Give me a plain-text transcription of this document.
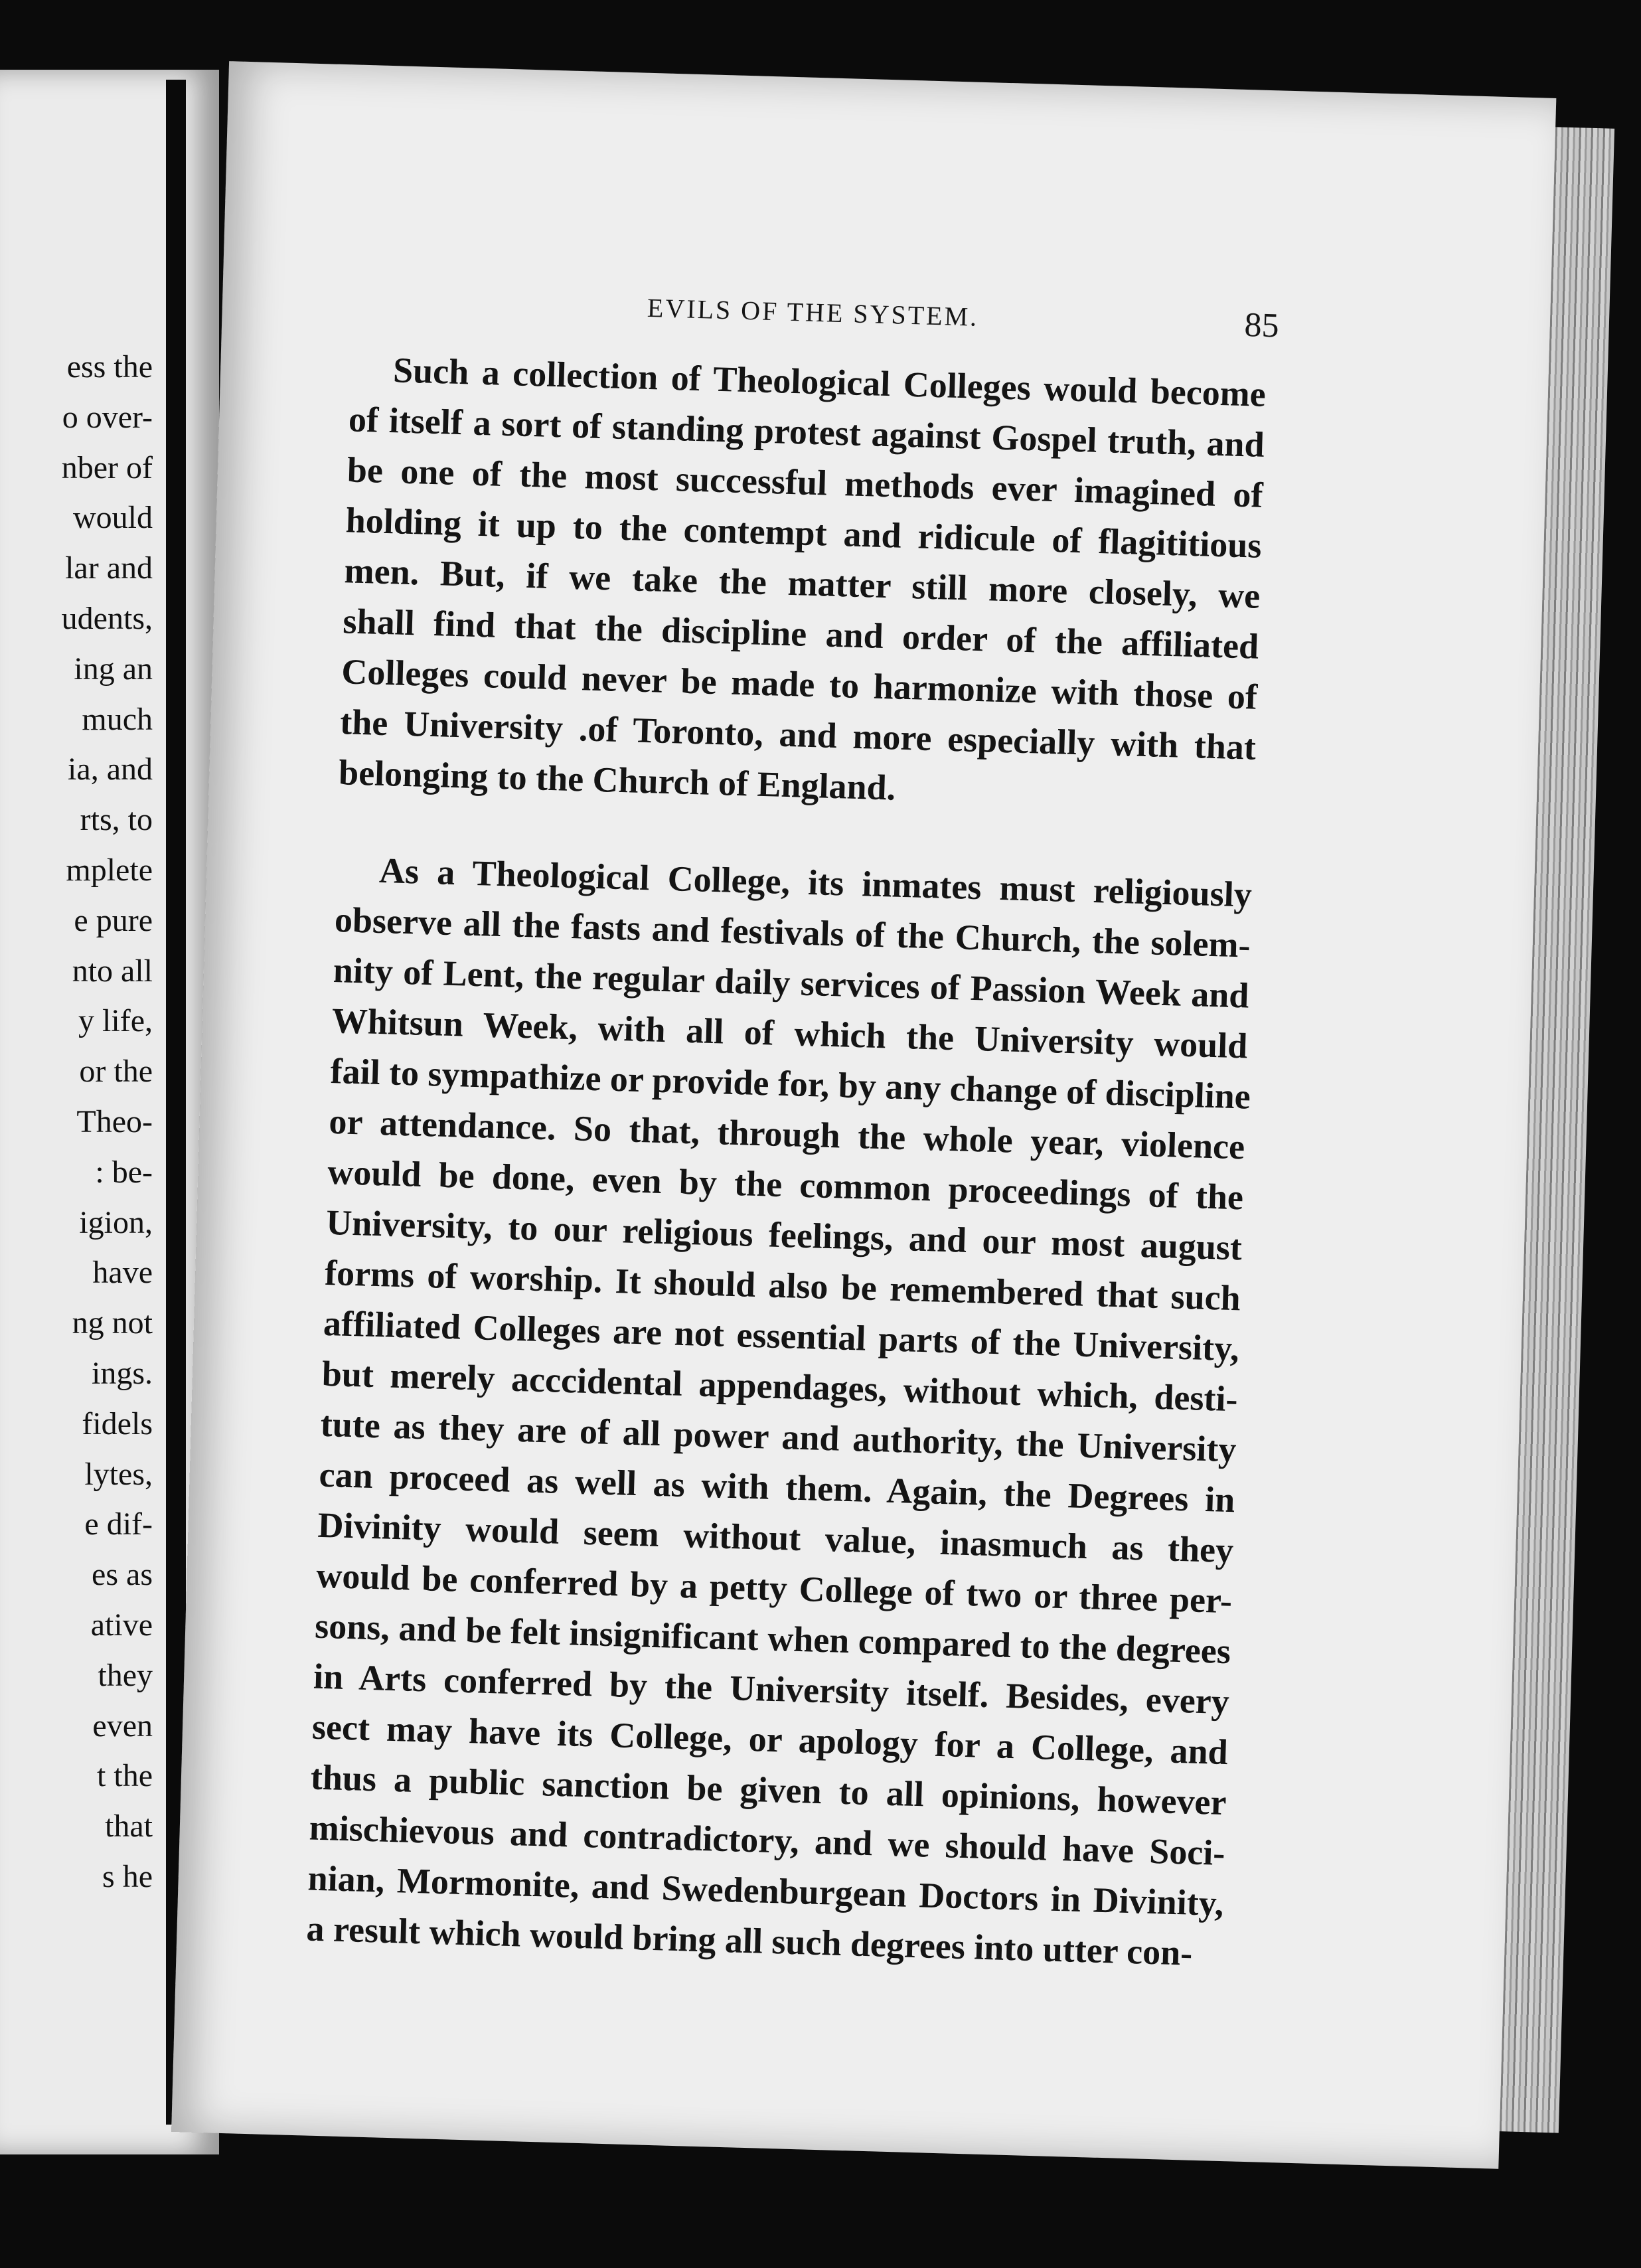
ess the
o over-
nber of
would
lar and
udents,
ing an
much
ia, and
rts, to
mplete
e pure
nto all
y life,
or the
Theo-
: be-
igion,
have
ng not
ings.
fidels
lytes,
e dif-
es as
ative
they
even
t the
that
s he
EVILS OF THE SYSTEM.	85
Such a collection of Theological Colleges would become
of itself a sort of standing protest against Gospel truth, and
be one of the most successful methods ever imagined of
holding it up to the contempt and ridicule of flagititious
men. But, if we take the matter still more closely, we
shall find that the discipline and order of the affiliated
Colleges could never be made to harmonize with those of
the University .of Toronto, and more especially with that
belonging to the Church of England.
As a Theological College, its inmates must religiously
observe all the fasts and festivals of the Church, the solem-
nity of Lent, the regular daily services of Passion Week and
Whitsun Week, with all of which the University would
fail to sympathize or provide for, by any change of discipline
or attendance. So that, through the whole year, violence
would be done, even by the common proceedings of the
University, to our religious feelings, and our most august
forms of worship. It should also be remembered that such
affiliated Colleges are not essential parts of the University,
but merely acccidental appendages, without which, desti-
tute as they are of all power and authority, the University
can proceed as well as with them. Again, the Degrees in
Divinity would seem without value, inasmuch as they
would be conferred by a petty College of two or three per-
sons, and be felt insignificant when compared to the degrees
in Arts conferred by the University itself. Besides, every
sect may have its College, or apology for a College, and
thus a public sanction be given to all opinions, however
mischievous and contradictory, and we should have Soci-
nian, Mormonite, and Swedenburgean Doctors in Divinity,
a result which would bring all such degrees into utter con-
